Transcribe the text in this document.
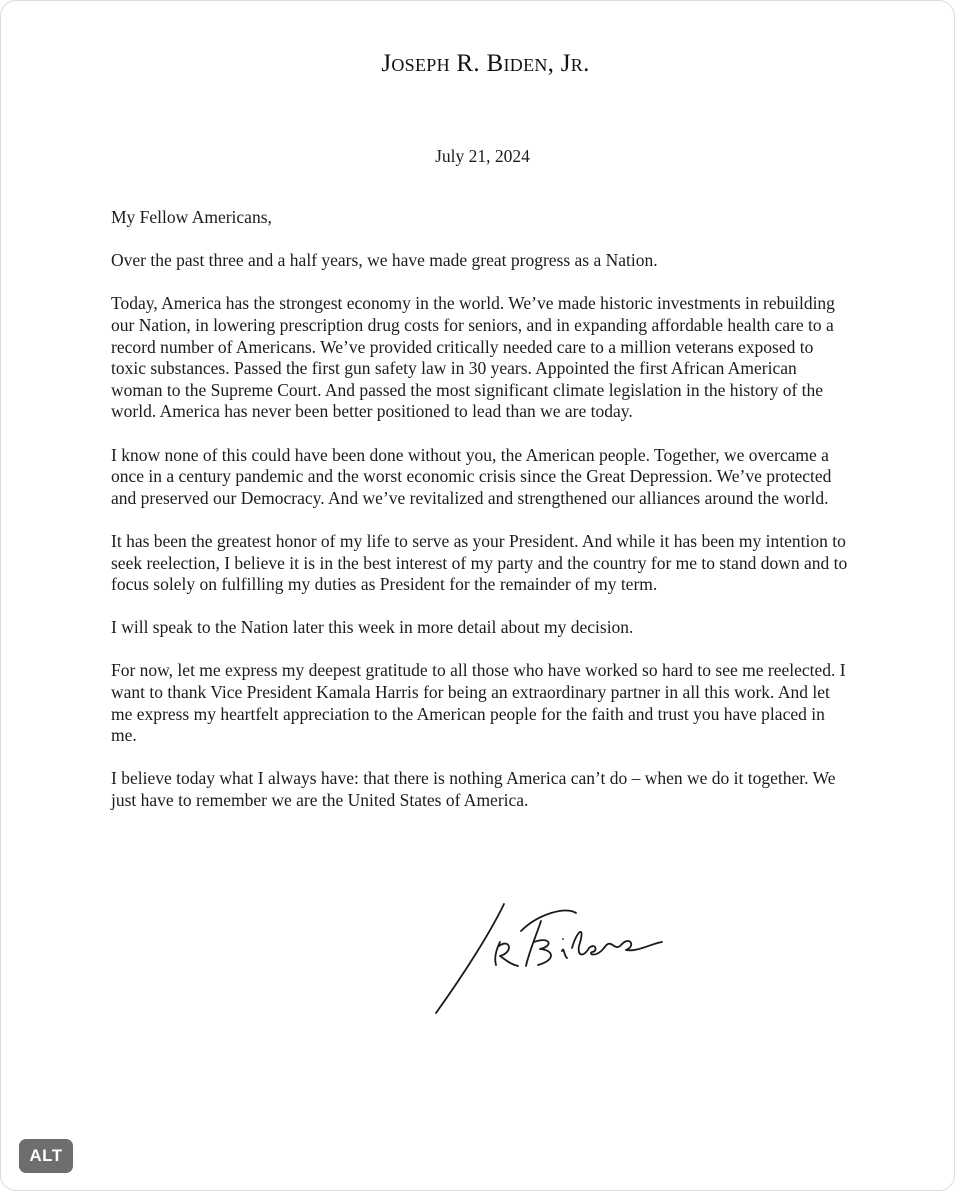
Joseph R. Biden, Jr.
July 21, 2024

My Fellow Americans,

Over the past three and a half years, we have made great progress as a Nation.

Today, America has the strongest economy in the world. We’ve made historic investments in rebuilding our Nation, in lowering prescription drug costs for seniors, and in expanding affordable health care to a record number of Americans. We’ve provided critically needed care to a million veterans exposed to toxic substances. Passed the first gun safety law in 30 years. Appointed the first African American woman to the Supreme Court. And passed the most significant climate legislation in the history of the world. America has never been better positioned to lead than we are today.

I know none of this could have been done without you, the American people. Together, we overcame a once in a century pandemic and the worst economic crisis since the Great Depression. We’ve protected and preserved our Democracy. And we’ve revitalized and strengthened our alliances around the world.

It has been the greatest honor of my life to serve as your President. And while it has been my intention to seek reelection, I believe it is in the best interest of my party and the country for me to stand down and to focus solely on fulfilling my duties as President for the remainder of my term.

I will speak to the Nation later this week in more detail about my decision.

For now, let me express my deepest gratitude to all those who have worked so hard to see me reelected. I want to thank Vice President Kamala Harris for being an extraordinary partner in all this work. And let me express my heartfelt appreciation to the American people for the faith and trust you have placed in me.

I believe today what I always have: that there is nothing America can’t do – when we do it together. We just have to remember we are the United States of America.

ALT
